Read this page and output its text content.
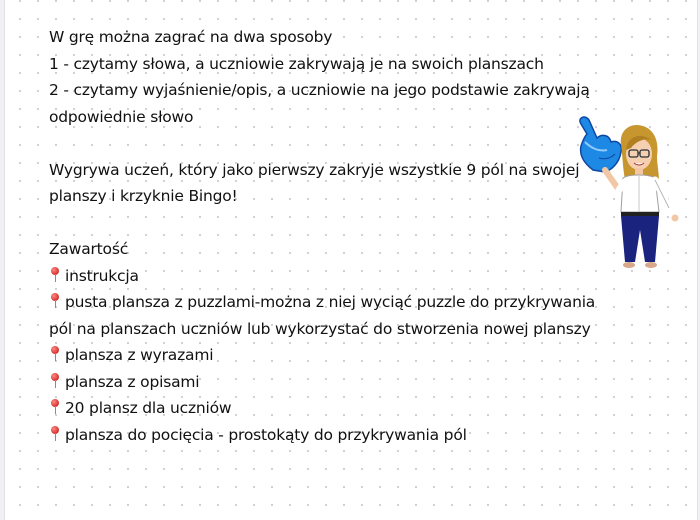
W grę można zagrać na dwa sposoby
1 - czytamy słowa, a uczniowie zakrywają je na swoich planszach
2 - czytamy wyjaśnienie/opis, a uczniowie na jego podstawie zakrywają
odpowiednie słowo
Wygrywa uczeń, który jako pierwszy zakryje wszystkie 9 pól na swojej
planszy i krzyknie Bingo!
Zawartość
instrukcja
pusta plansza z puzzlami-można z niej wyciąć puzzle do przykrywania
pól na planszach uczniów lub wykorzystać do stworzenia nowej planszy
plansza z wyrazami
plansza z opisami
20 plansz dla uczniów
plansza do pocięcia - prostokąty do przykrywania pól
